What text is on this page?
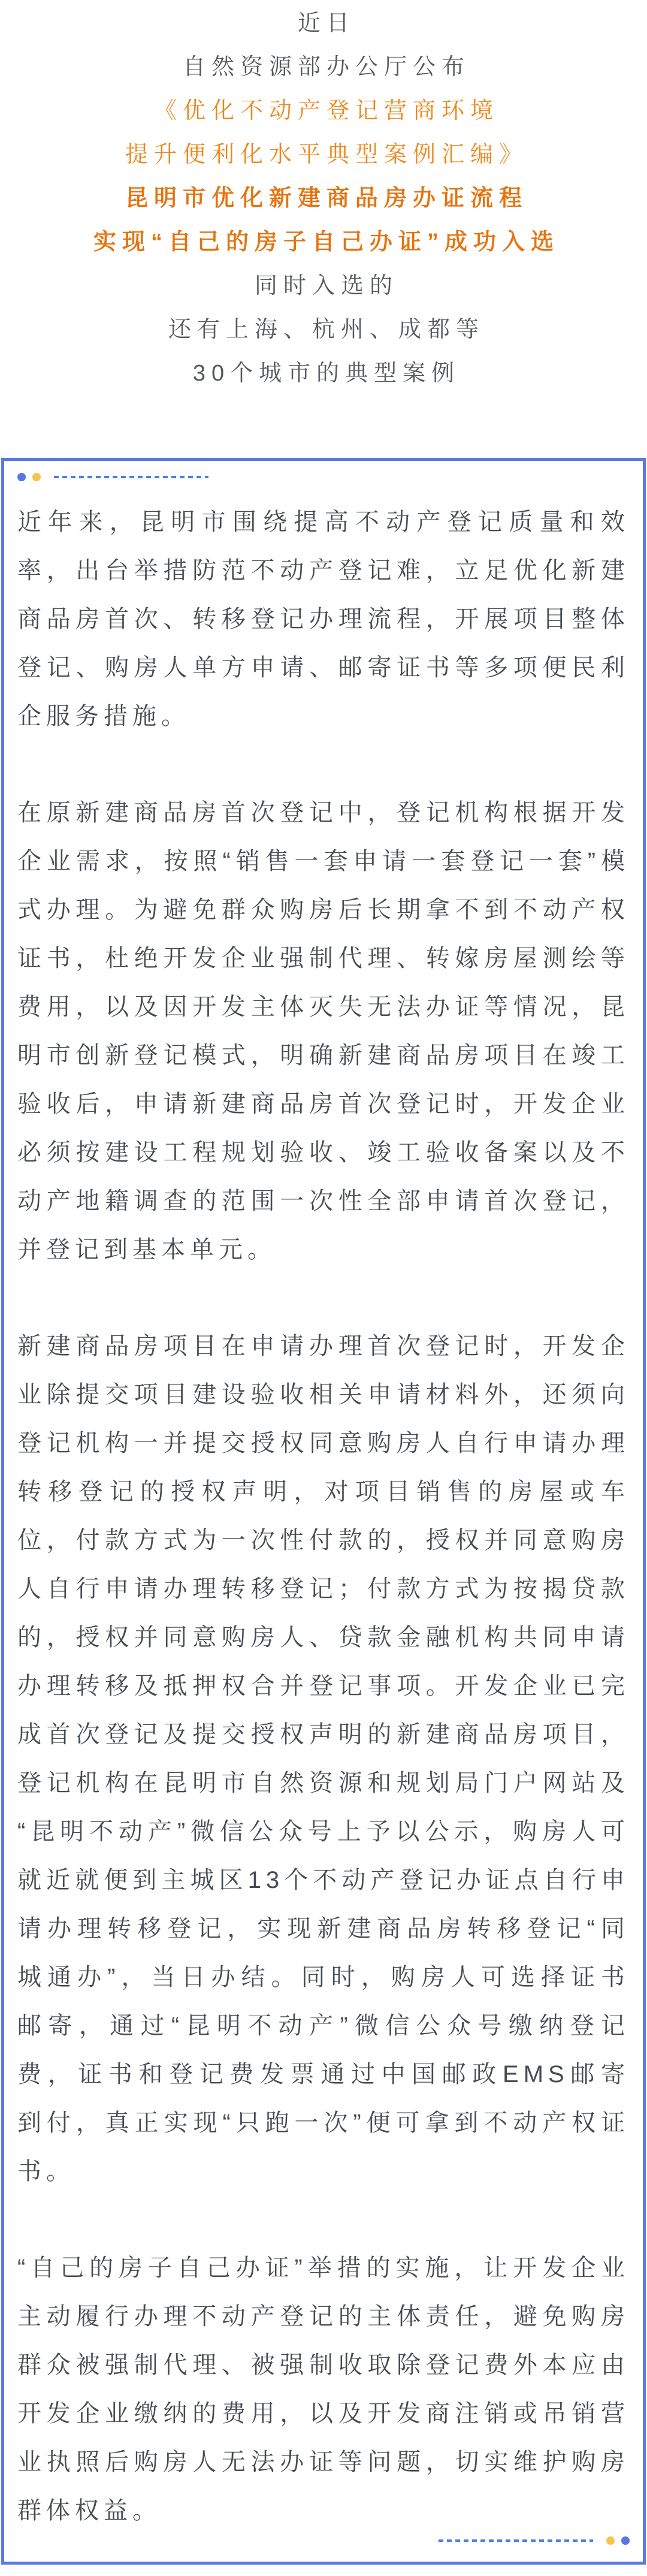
近日
自然资源部办公厅公布
《优化不动产登记营商环境
提升便利化水平典型案例汇编》
昆明市优化新建商品房办证流程
实现“自己的房子自己办证”成功入选
同时入选的
还有上海、杭州、成都等
30个城市的典型案例

近年来，昆明市围绕提高不动产登记质量和效率，出台举措防范不动产登记难，立足优化新建商品房首次、转移登记办理流程，开展项目整体登记、购房人单方申请、邮寄证书等多项便民利企服务措施。

在原新建商品房首次登记中，登记机构根据开发企业需求，按照“销售一套申请一套登记一套”模式办理。为避免群众购房后长期拿不到不动产权证书，杜绝开发企业强制代理、转嫁房屋测绘等费用，以及因开发主体灭失无法办证等情况，昆明市创新登记模式，明确新建商品房项目在竣工验收后，申请新建商品房首次登记时，开发企业必须按建设工程规划验收、竣工验收备案以及不动产地籍调查的范围一次性全部申请首次登记，并登记到基本单元。

新建商品房项目在申请办理首次登记时，开发企业除提交项目建设验收相关申请材料外，还须向登记机构一并提交授权同意购房人自行申请办理转移登记的授权声明，对项目销售的房屋或车位，付款方式为一次性付款的，授权并同意购房人自行申请办理转移登记；付款方式为按揭贷款的，授权并同意购房人、贷款金融机构共同申请办理转移及抵押权合并登记事项。开发企业已完成首次登记及提交授权声明的新建商品房项目，登记机构在昆明市自然资源和规划局门户网站及“昆明不动产”微信公众号上予以公示，购房人可就近就便到主城区13个不动产登记办证点自行申请办理转移登记，实现新建商品房转移登记“同城通办”，当日办结。同时，购房人可选择证书邮寄，通过“昆明不动产”微信公众号缴纳登记费，证书和登记费发票通过中国邮政EMS邮寄到付，真正实现“只跑一次”便可拿到不动产权证书。

“自己的房子自己办证”举措的实施，让开发企业主动履行办理不动产登记的主体责任，避免购房群众被强制代理、被强制收取除登记费外本应由开发企业缴纳的费用，以及开发商注销或吊销营业执照后购房人无法办证等问题，切实维护购房群体权益。
